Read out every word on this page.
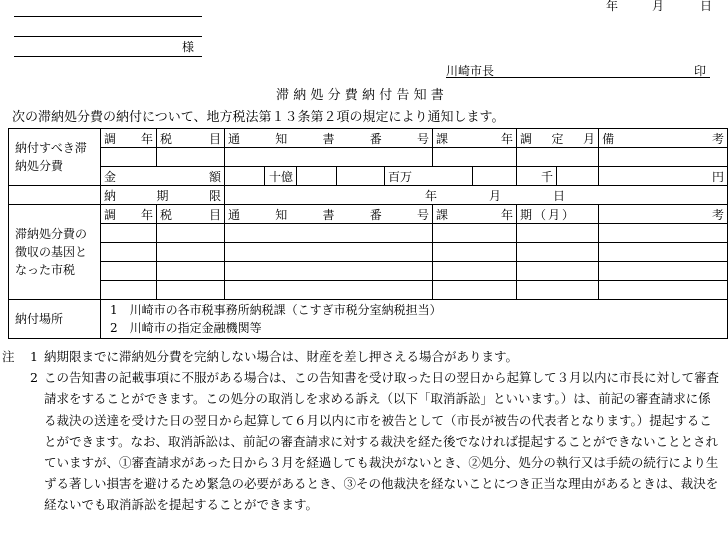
年	月	日
様
川崎市長	印
滞納処分費納付告知書
次の滞納処分費の納付について、地方税法第１３条第２項の規定により通知します。
納付すべき滞納処分費	調 年	税 目	通 知 書 番 号					課 年		調 定 月		備 考

	金 額			十億			百万			千		円

	納 期 限		年 月 日									
滞納処分費の徴収の基因となった市税	調 年	税 目	通 知 書 番 号					課 年		期（月）		考

納付場所	1　川崎市の各市税事務所納税課（こすぎ市税分室納税担当）
2　川崎市の指定金融機関等											
注 1 納期限までに滞納処分費を完納しない場合は、財産を差し押さえる場合があります。
2 この告知書の記載事項に不服がある場合は、この告知書を受け取った日の翌日から起算して３月以内に市長に対して審査請求をすることができます。この処分の取消しを求める訴え（以下「取消訴訟」といいます。）は、前記の審査請求に係る裁決の送達を受けた日の翌日から起算して６月以内に市を被告として（市長が被告の代表者となります。）提起することができます。なお、取消訴訟は、前記の審査請求に対する裁決を経た後でなければ提起することができないこととされていますが、①審査請求があった日から３月を経過しても裁決がないとき、②処分、処分の執行又は手続の続行により生ずる著しい損害を避けるため緊急の必要があるとき、③その他裁決を経ないことにつき正当な理由があるときは、裁決を経ないでも取消訴訟を提起することができます。
